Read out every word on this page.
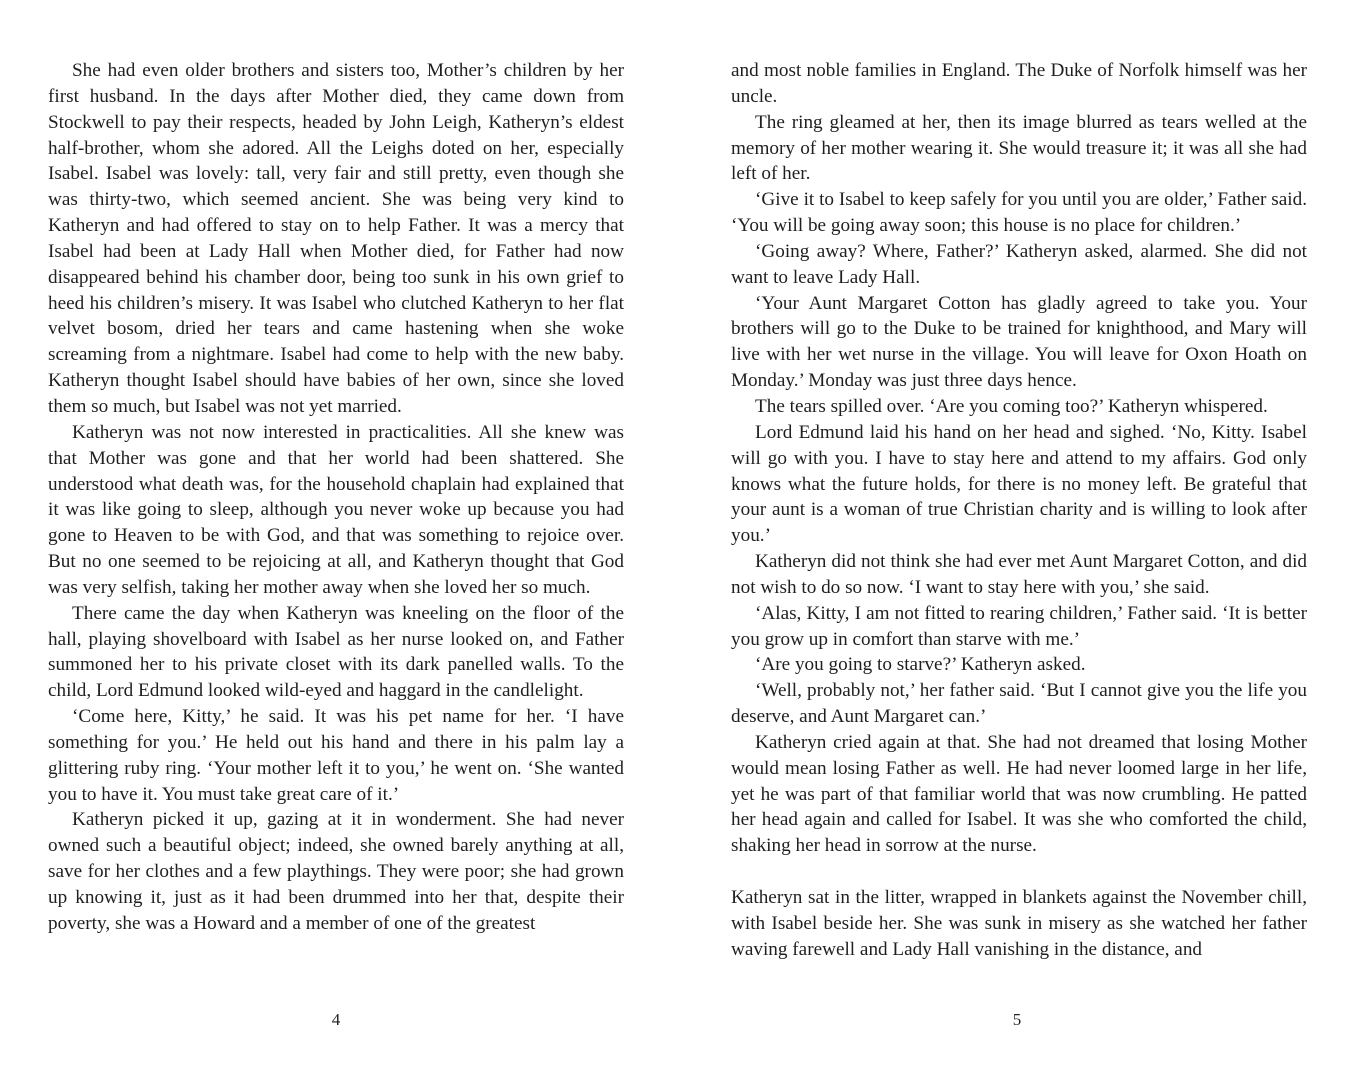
She had even older brothers and sisters too, Mother’s children by her first husband. In the days after Mother died, they came down from Stockwell to pay their respects, headed by John Leigh, Katheryn’s eldest half-brother, whom she adored. All the Leighs doted on her, especially Isabel. Isabel was lovely: tall, very fair and still pretty, even though she was thirty-two, which seemed ancient. She was being very kind to Katheryn and had offered to stay on to help Father. It was a mercy that Isabel had been at Lady Hall when Mother died, for Father had now disappeared behind his chamber door, being too sunk in his own grief to heed his children’s misery. It was Isabel who clutched Katheryn to her flat velvet bosom, dried her tears and came hastening when she woke screaming from a nightmare. Isabel had come to help with the new baby. Katheryn thought Isabel should have babies of her own, since she loved them so much, but Isabel was not yet married.

Katheryn was not now interested in practicalities. All she knew was that Mother was gone and that her world had been shattered. She understood what death was, for the household chaplain had explained that it was like going to sleep, although you never woke up because you had gone to Heaven to be with God, and that was something to rejoice over. But no one seemed to be rejoicing at all, and Katheryn thought that God was very selfish, taking her mother away when she loved her so much.

There came the day when Katheryn was kneeling on the floor of the hall, playing shovelboard with Isabel as her nurse looked on, and Father summoned her to his private closet with its dark panelled walls. To the child, Lord Edmund looked wild-eyed and haggard in the candlelight.

‘Come here, Kitty,’ he said. It was his pet name for her. ‘I have something for you.’ He held out his hand and there in his palm lay a glittering ruby ring. ‘Your mother left it to you,’ he went on. ‘She wanted you to have it. You must take great care of it.’

Katheryn picked it up, gazing at it in wonderment. She had never owned such a beautiful object; indeed, she owned barely anything at all, save for her clothes and a few playthings. They were poor; she had grown up knowing it, just as it had been drummed into her that, despite their poverty, she was a Howard and a member of one of the greatest

and most noble families in England. The Duke of Norfolk himself was her uncle.

The ring gleamed at her, then its image blurred as tears welled at the memory of her mother wearing it. She would treasure it; it was all she had left of her.

‘Give it to Isabel to keep safely for you until you are older,’ Father said. ‘You will be going away soon; this house is no place for children.’

‘Going away? Where, Father?’ Katheryn asked, alarmed. She did not want to leave Lady Hall.

‘Your Aunt Margaret Cotton has gladly agreed to take you. Your brothers will go to the Duke to be trained for knighthood, and Mary will live with her wet nurse in the village. You will leave for Oxon Hoath on Monday.’ Monday was just three days hence.

The tears spilled over. ‘Are you coming too?’ Katheryn whispered.

Lord Edmund laid his hand on her head and sighed. ‘No, Kitty. Isabel will go with you. I have to stay here and attend to my affairs. God only knows what the future holds, for there is no money left. Be grateful that your aunt is a woman of true Christian charity and is willing to look after you.’

Katheryn did not think she had ever met Aunt Margaret Cotton, and did not wish to do so now. ‘I want to stay here with you,’ she said.

‘Alas, Kitty, I am not fitted to rearing children,’ Father said. ‘It is better you grow up in comfort than starve with me.’

‘Are you going to starve?’ Katheryn asked.

‘Well, probably not,’ her father said. ‘But I cannot give you the life you deserve, and Aunt Margaret can.’

Katheryn cried again at that. She had not dreamed that losing Mother would mean losing Father as well. He had never loomed large in her life, yet he was part of that familiar world that was now crumbling. He patted her head again and called for Isabel. It was she who comforted the child, shaking her head in sorrow at the nurse.

Katheryn sat in the litter, wrapped in blankets against the November chill, with Isabel beside her. She was sunk in misery as she watched her father waving farewell and Lady Hall vanishing in the distance, and

4	5
